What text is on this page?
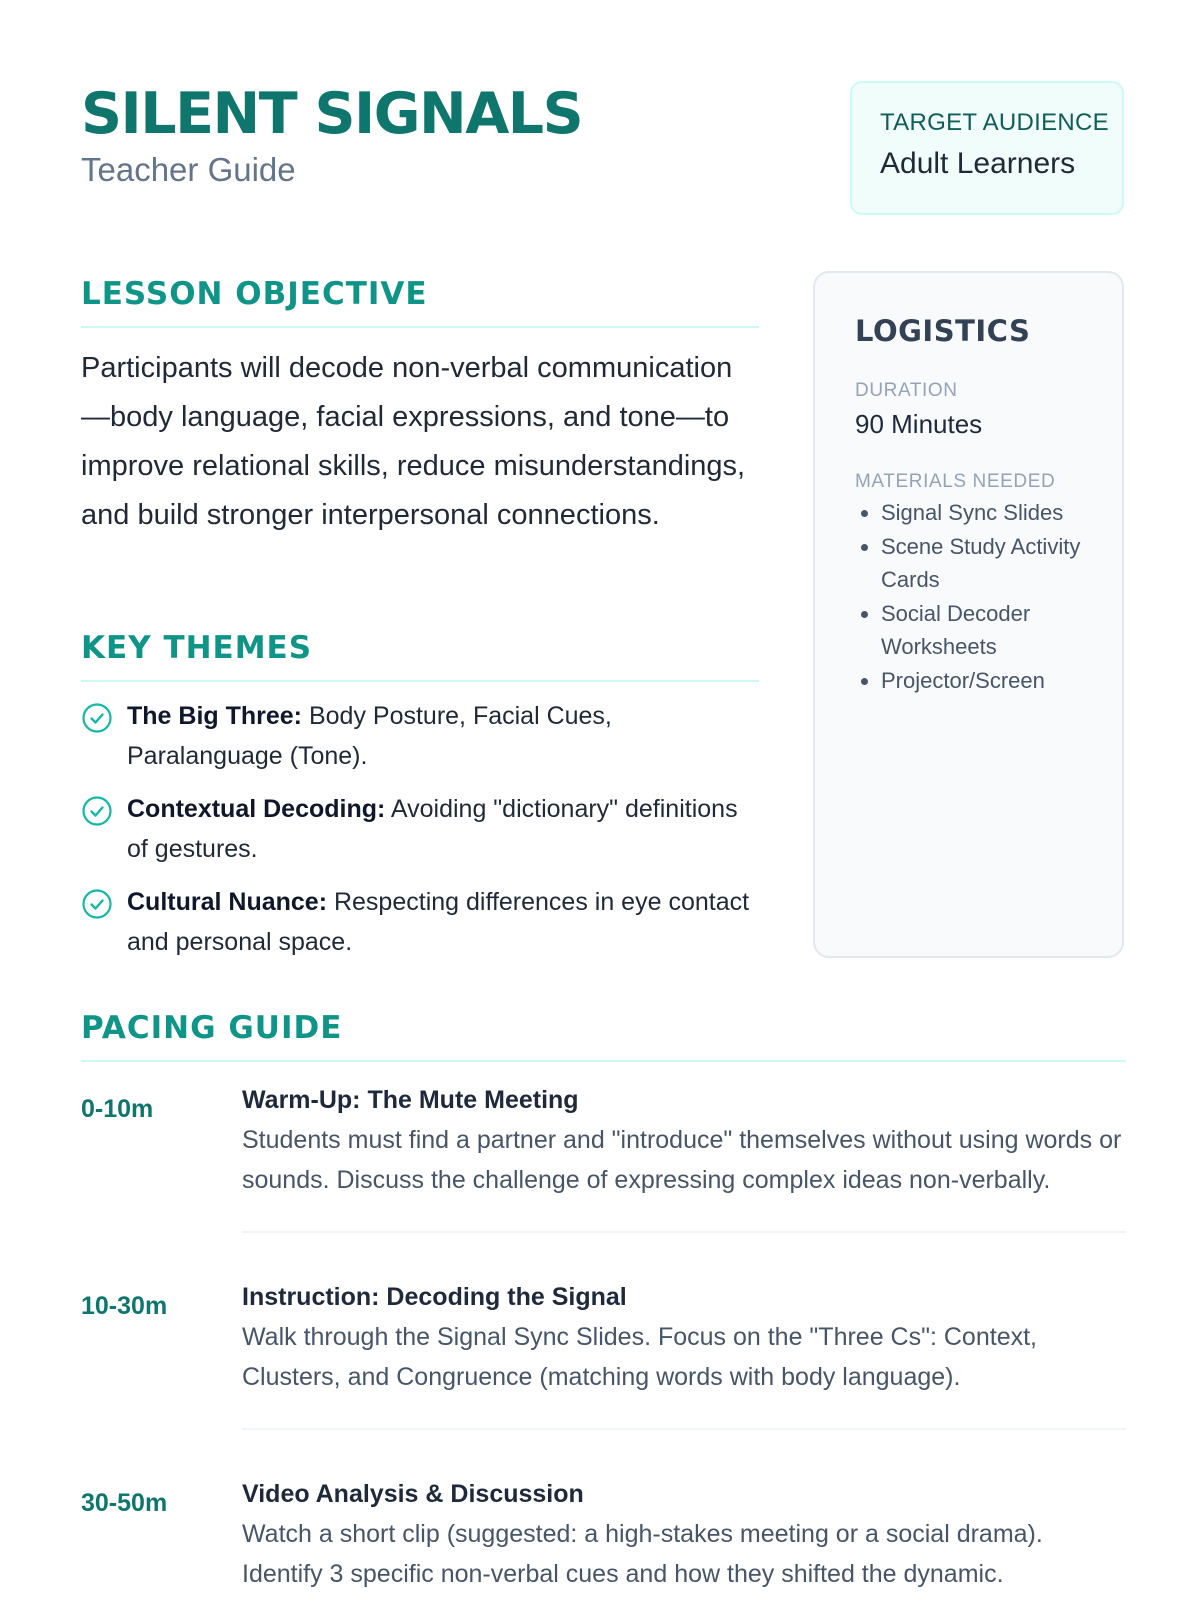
SILENT SIGNALS

Teacher Guide

TARGET AUDIENCE
Adult Learners
LESSON OBJECTIVE

Participants will decode non-verbal communication—body language, facial expressions, and tone—to improve relational skills, reduce misunderstandings, and build stronger interpersonal connections.

KEY THEMES
The Big Three: Body Posture, Facial Cues, Paralanguage (Tone).
Contextual Decoding: Avoiding "dictionary" definitions of gestures.
Cultural Nuance: Respecting differences in eye contact and personal space.
LOGISTICS
DURATION
90 Minutes
MATERIALS NEEDED
• Signal Sync Slides
• Scene Study Activity Cards
• Social Decoder Worksheets
• Projector/Screen
PACING GUIDE
0-10m	Warm-Up: The Mute Meeting
Students must find a partner and "introduce" themselves without using words or sounds. Discuss the challenge of expressing complex ideas non-verbally.
10-30m	Instruction: Decoding the Signal
Walk through the Signal Sync Slides. Focus on the "Three Cs": Context, Clusters, and Congruence (matching words with body language).
30-50m	Video Analysis & Discussion
Watch a short clip (suggested: a high-stakes meeting or a social drama). Identify 3 specific non-verbal cues and how they shifted the dynamic.
